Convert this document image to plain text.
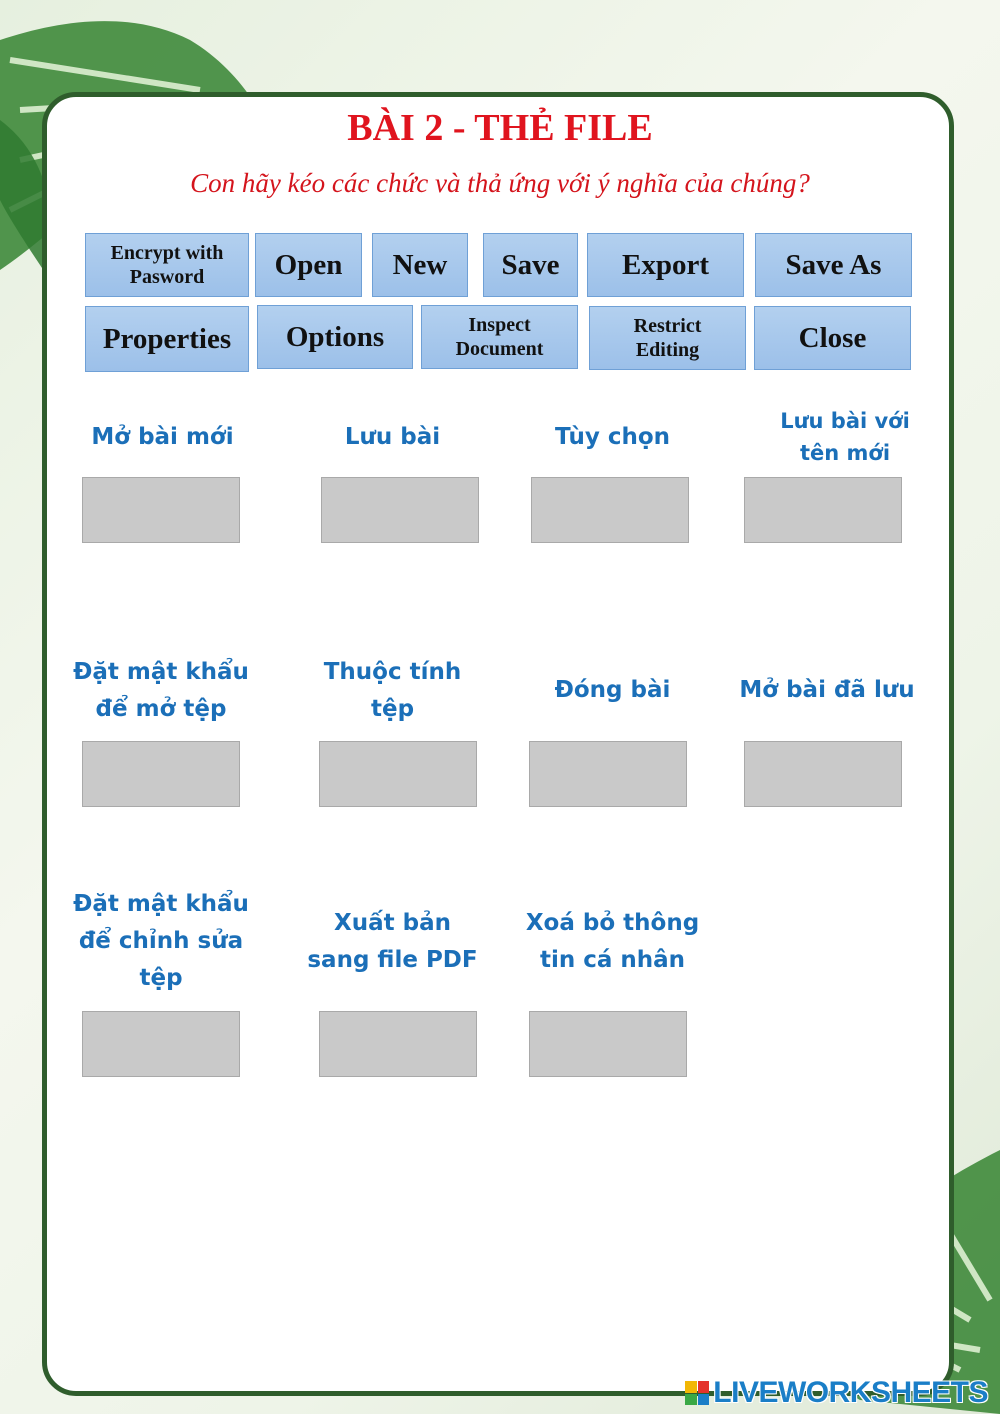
BÀI 2 - THẺ FILE
Con hãy kéo các chức và thả ứng với ý nghĩa của chúng?
Encrypt with
Pasword	Open	New	Save	Export	Save As
Properties	Options	Inspect
Document
Restrict
Editing	Close
Mở bài mới	Lưu bài	Tùy chọn
Lưu bài với
tên mới
Đặt mật khẩu
để mở tệp
Thuộc tính
tệp
Đóng bài	Mở bài đã lưu
Đặt mật khẩu
để chỉnh sửa
tệp
Xuất bản
sang file PDF
Xoá bỏ thông
tin cá nhân
LIVEWORKSHEETS
